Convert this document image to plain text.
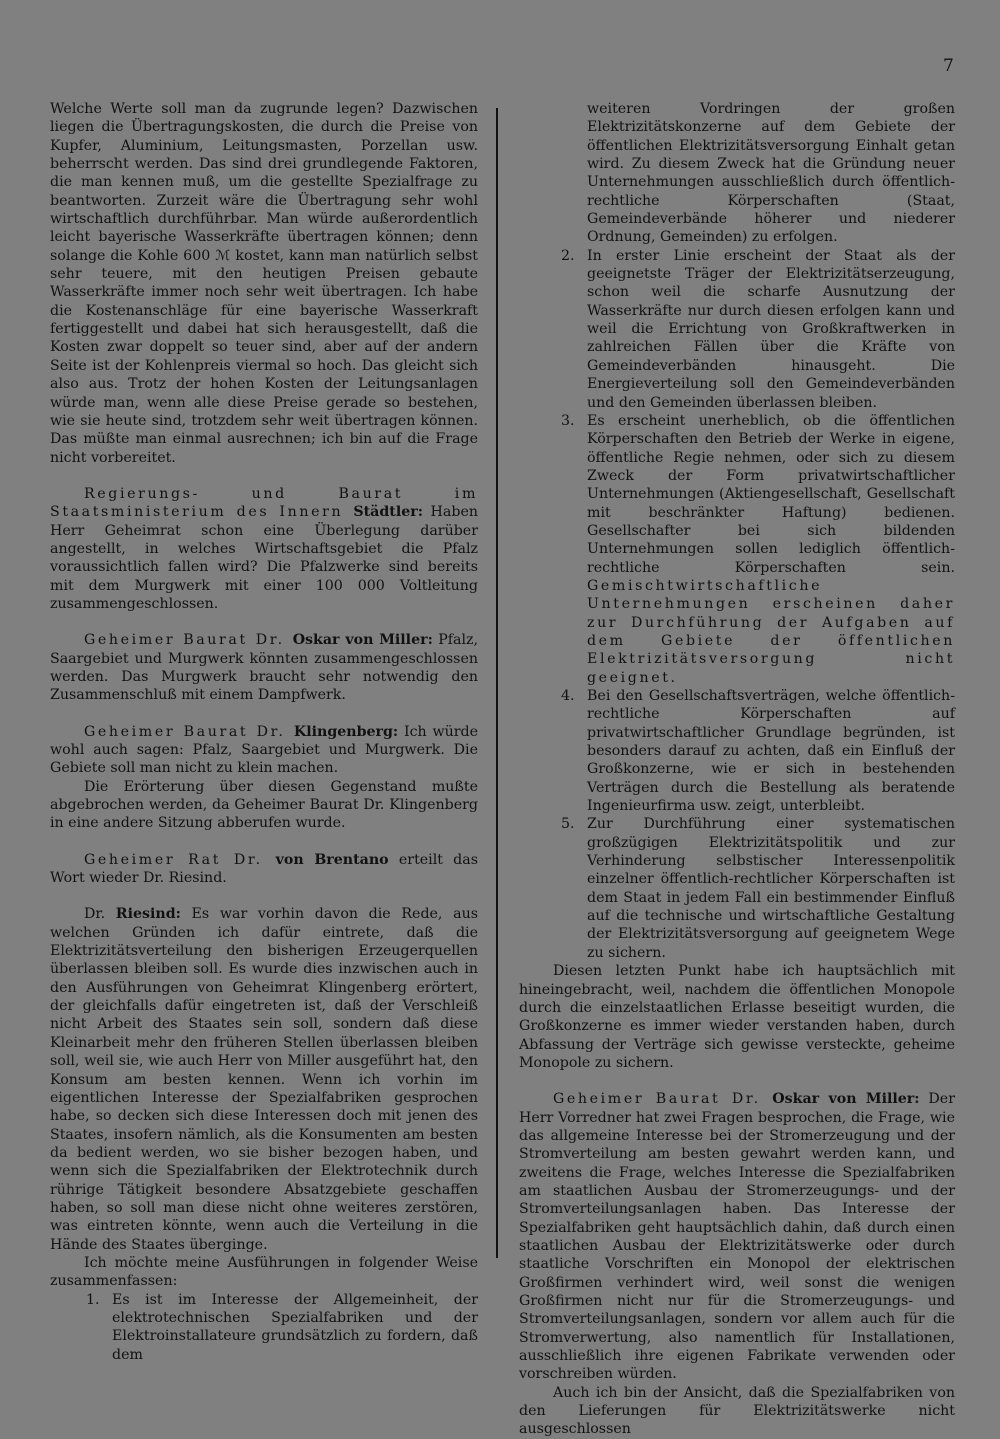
7

Welche Werte soll man da zugrunde legen? Dazwischen liegen die Übertragungskosten, die durch die Preise von Kupfer, Aluminium, Leitungsmasten, Porzellan usw. beherrscht werden. Das sind drei grundlegende Faktoren, die man kennen muß, um die gestellte Spezialfrage zu beantworten. Zurzeit wäre die Übertragung sehr wohl wirtschaftlich durchführbar. Man würde außerordentlich leicht bayerische Wasserkräfte übertragen können; denn solange die Kohle 600 ℳ kostet, kann man natürlich selbst sehr teuere, mit den heutigen Preisen gebaute Wasserkräfte immer noch sehr weit übertragen. Ich habe die Kostenanschläge für eine bayerische Wasserkraft fertiggestellt und dabei hat sich herausgestellt, daß die Kosten zwar doppelt so teuer sind, aber auf der andern Seite ist der Kohlenpreis viermal so hoch. Das gleicht sich also aus. Trotz der hohen Kosten der Leitungsanlagen würde man, wenn alle diese Preise gerade so bestehen, wie sie heute sind, trotzdem sehr weit übertragen können. Das müßte man einmal ausrechnen; ich bin auf die Frage nicht vorbereitet.

Regierungs- und Baurat im Staatsministerium des Innern Städtler: Haben Herr Geheimrat schon eine Überlegung darüber angestellt, in welches Wirtschaftsgebiet die Pfalz voraussichtlich fallen wird? Die Pfalzwerke sind bereits mit dem Murgwerk mit einer 100 000 Voltleitung zusammengeschlossen.

Geheimer Baurat Dr. Oskar von Miller: Pfalz, Saargebiet und Murgwerk könnten zusammengeschlossen werden. Das Murgwerk braucht sehr notwendig den Zusammenschluß mit einem Dampfwerk.

Geheimer Baurat Dr. Klingenberg: Ich würde wohl auch sagen: Pfalz, Saargebiet und Murgwerk. Die Gebiete soll man nicht zu klein machen.

Die Erörterung über diesen Gegenstand mußte abgebrochen werden, da Geheimer Baurat Dr. Klingenberg in eine andere Sitzung abberufen wurde.

Geheimer Rat Dr. von Brentano erteilt das Wort wieder Dr. Riesind.

Dr. Riesind: Es war vorhin davon die Rede, aus welchen Gründen ich dafür eintrete, daß die Elektrizitätsverteilung den bisherigen Erzeugerquellen überlassen bleiben soll. Es wurde dies inzwischen auch in den Ausführungen von Geheimrat Klingenberg erörtert, der gleichfalls dafür eingetreten ist, daß der Verschleiß nicht Arbeit des Staates sein soll, sondern daß diese Kleinarbeit mehr den früheren Stellen überlassen bleiben soll, weil sie, wie auch Herr von Miller ausgeführt hat, den Konsum am besten kennen. Wenn ich vorhin im eigentlichen Interesse der Spezialfabriken gesprochen habe, so decken sich diese Interessen doch mit jenen des Staates, insofern nämlich, als die Konsumenten am besten da bedient werden, wo sie bisher bezogen haben, und wenn sich die Spezialfabriken der Elektrotechnik durch rührige Tätigkeit besondere Absatzgebiete geschaffen haben, so soll man diese nicht ohne weiteres zerstören, was eintreten könnte, wenn auch die Verteilung in die Hände des Staates übergingе.

Ich möchte meine Ausführungen in folgender Weise zusammenfassen:

1. Es ist im Interesse der Allgemeinheit, der elektrotechnischen Spezialfabriken und der Elektroinstallateure grundsätzlich zu fordern, daß dem

weiteren Vordringen der großen Elektrizitätskonzerne auf dem Gebiete der öffentlichen Elektrizitätsversorgung Einhalt getan wird. Zu diesem Zweck hat die Gründung neuer Unternehmungen ausschließlich durch öffentlich-rechtliche Körperschaften (Staat, Gemeindeverbände höherer und niederer Ordnung, Gemeinden) zu erfolgen.

2. In erster Linie erscheint der Staat als der geeignetste Träger der Elektrizitätserzeugung, schon weil die scharfe Ausnutzung der Wasserkräfte nur durch diesen erfolgen kann und weil die Errichtung von Großkraftwerken in zahlreichen Fällen über die Kräfte von Gemeindeverbänden hinausgeht. Die Energieverteilung soll den Gemeindeverbänden und den Gemeinden überlassen bleiben.
3. Es erscheint unerheblich, ob die öffentlichen Körperschaften den Betrieb der Werke in eigene, öffentliche Regie nehmen, oder sich zu diesem Zweck der Form privatwirtschaftlicher Unternehmungen (Aktiengesellschaft, Gesellschaft mit beschränkter Haftung) bedienen. Gesellschafter bei sich bildenden Unternehmungen sollen lediglich öffentlich-rechtliche Körperschaften sein. Gemischtwirtschaftliche Unternehmungen erscheinen daher zur Durchführung der Aufgaben auf dem Gebiete der öffentlichen Elektrizitätsversorgung nicht geeignet.
4. Bei den Gesellschaftsverträgen, welche öffentlich-rechtliche Körperschaften auf privatwirtschaftlicher Grundlage begründen, ist besonders darauf zu achten, daß ein Einfluß der Großkonzerne, wie er sich in bestehenden Verträgen durch die Bestellung als beratende Ingenieurfirma usw. zeigt, unterbleibt.
5. Zur Durchführung einer systematischen großzügigen Elektrizitätspolitik und zur Verhinderung selbstischer Interessenpolitik einzelner öffentlich-rechtlicher Körperschaften ist dem Staat in jedem Fall ein bestimmender Einfluß auf die technische und wirtschaftliche Gestaltung der Elektrizitätsversorgung auf geeignetem Wege zu sichern.

Diesen letzten Punkt habe ich hauptsächlich mit hineingebracht, weil, nachdem die öffentlichen Monopole durch die einzelstaatlichen Erlasse beseitigt wurden, die Großkonzerne es immer wieder verstanden haben, durch Abfassung der Verträge sich gewisse versteckte, geheime Monopole zu sichern.

Geheimer Baurat Dr. Oskar von Miller: Der Herr Vorredner hat zwei Fragen besprochen, die Frage, wie das allgemeine Interesse bei der Stromerzeugung und der Stromverteilung am besten gewahrt werden kann, und zweitens die Frage, welches Interesse die Spezialfabriken am staatlichen Ausbau der Stromerzeugungs- und der Stromverteilungsanlagen haben. Das Interesse der Spezialfabriken geht hauptsächlich dahin, daß durch einen staatlichen Ausbau der Elektrizitätswerke oder durch staatliche Vorschriften ein Monopol der elektrischen Großfirmen verhindert wird, weil sonst die wenigen Großfirmen nicht nur für die Stromerzeugungs- und Stromverteilungsanlagen, sondern vor allem auch für die Stromverwertung, also namentlich für Installationen, ausschließlich ihre eigenen Fabrikate verwenden oder vorschreiben würden.

Auch ich bin der Ansicht, daß die Spezialfabriken von den Lieferungen für Elektrizitätswerke nicht ausgeschlossen
